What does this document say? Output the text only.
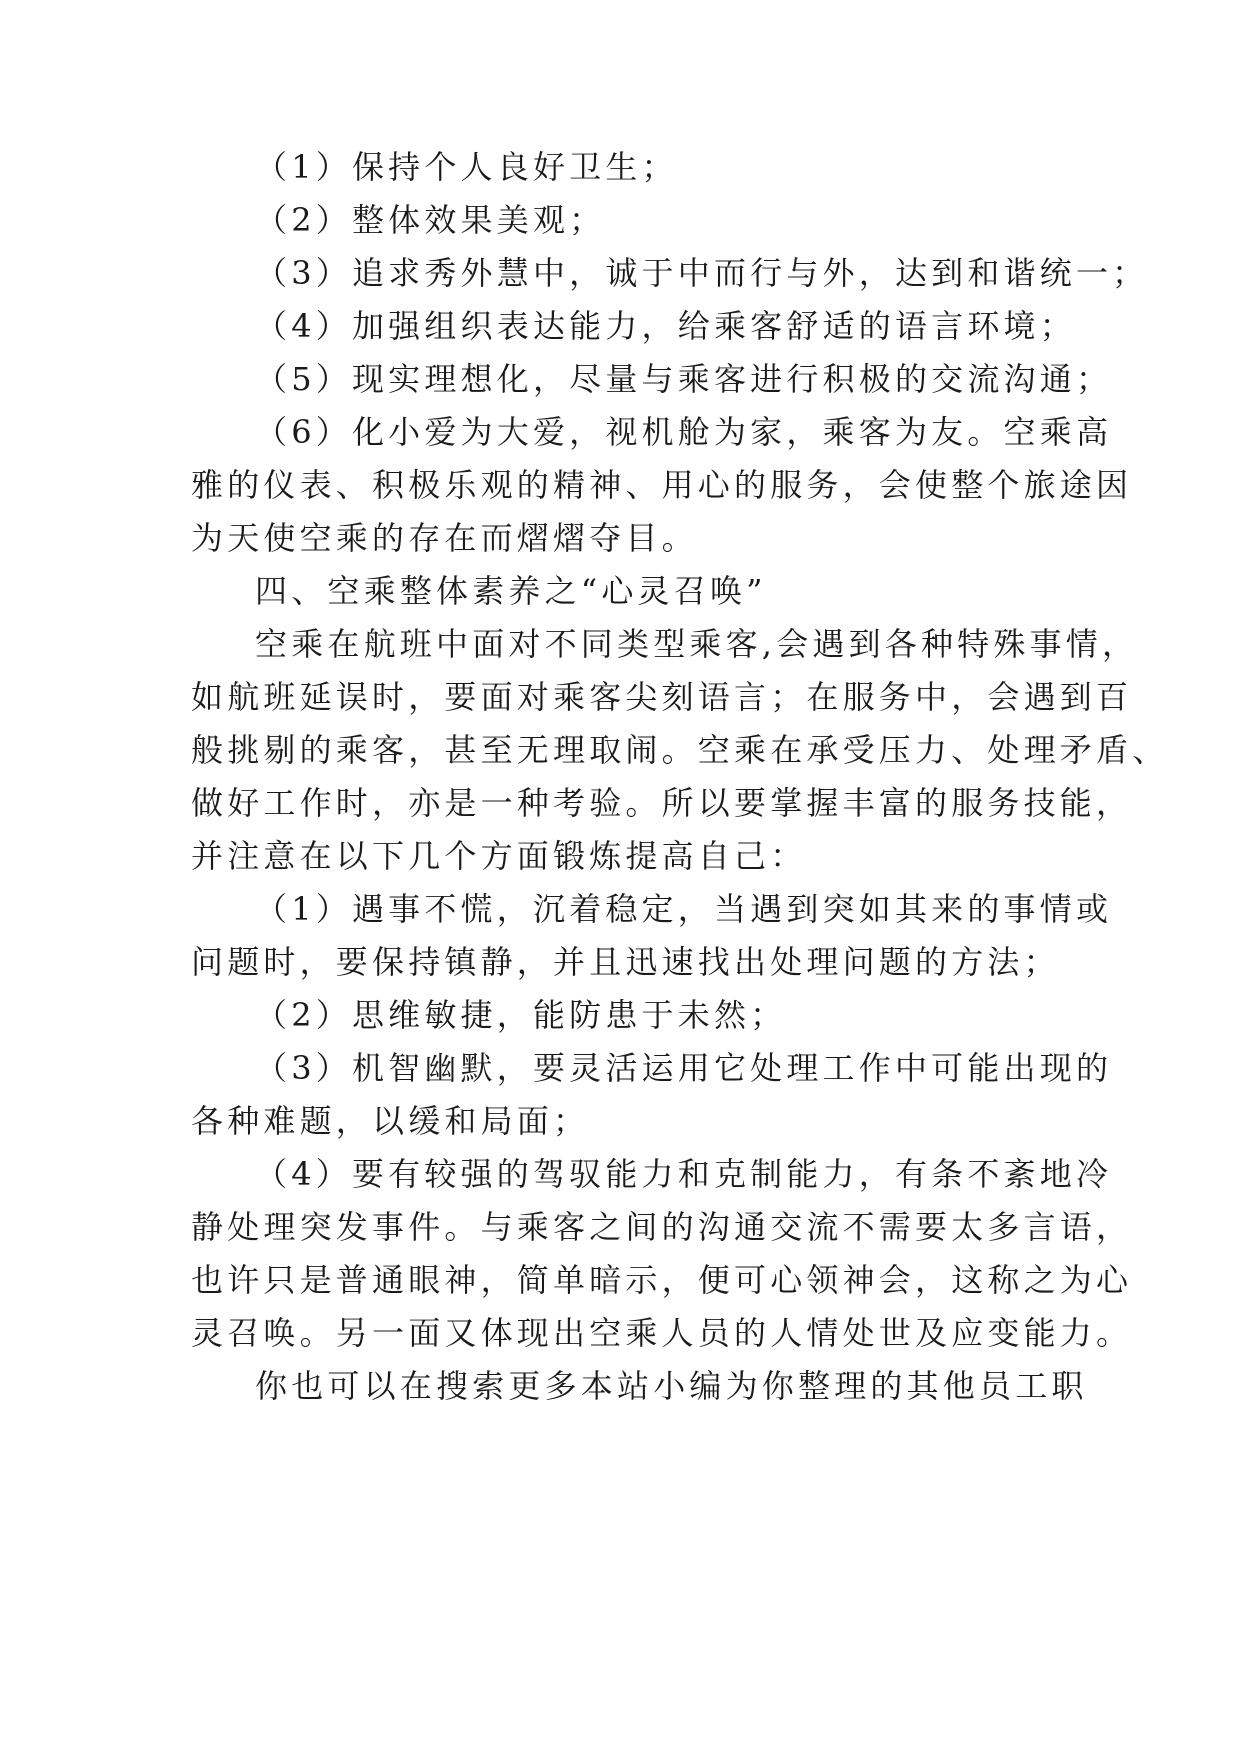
（1）保持个人良好卫生；
（2）整体效果美观；
（3）追求秀外慧中，诚于中而行与外，达到和谐统一；
（4）加强组织表达能力，给乘客舒适的语言环境；
（5）现实理想化，尽量与乘客进行积极的交流沟通；
（6）化小爱为大爱，视机舱为家，乘客为友。空乘高
雅的仪表、积极乐观的精神、用心的服务，会使整个旅途因
为天使空乘的存在而熠熠夺目。
四、空乘整体素养之“心灵召唤”
空乘在航班中面对不同类型乘客,会遇到各种特殊事情，
如航班延误时，要面对乘客尖刻语言；在服务中，会遇到百
般挑剔的乘客，甚至无理取闹。空乘在承受压力、处理矛盾、
做好工作时，亦是一种考验。所以要掌握丰富的服务技能，
并注意在以下几个方面锻炼提高自己：
（1）遇事不慌，沉着稳定，当遇到突如其来的事情或
问题时，要保持镇静，并且迅速找出处理问题的方法；
（2）思维敏捷，能防患于未然；
（3）机智幽默，要灵活运用它处理工作中可能出现的
各种难题，以缓和局面；
（4）要有较强的驾驭能力和克制能力，有条不紊地冷
静处理突发事件。与乘客之间的沟通交流不需要太多言语，
也许只是普通眼神，简单暗示，便可心领神会，这称之为心
灵召唤。另一面又体现出空乘人员的人情处世及应变能力。
你也可以在搜索更多本站小编为你整理的其他员工职
